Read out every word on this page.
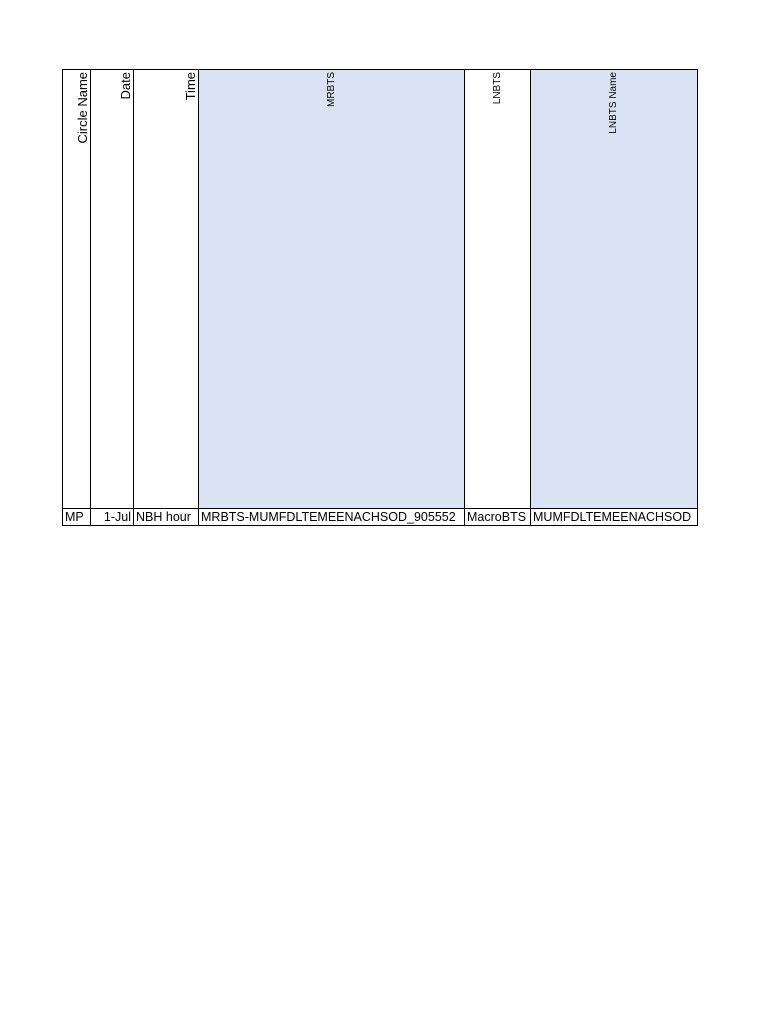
Circle Name	Date	Time	MRBTS	LNBTS	LNBTS Name

MP	1-Jul	NBH hour	MRBTS-MUMFDLTEMEENACHSOD_905552	MacroBTS	MUMFDLTEMEENACHSOD
